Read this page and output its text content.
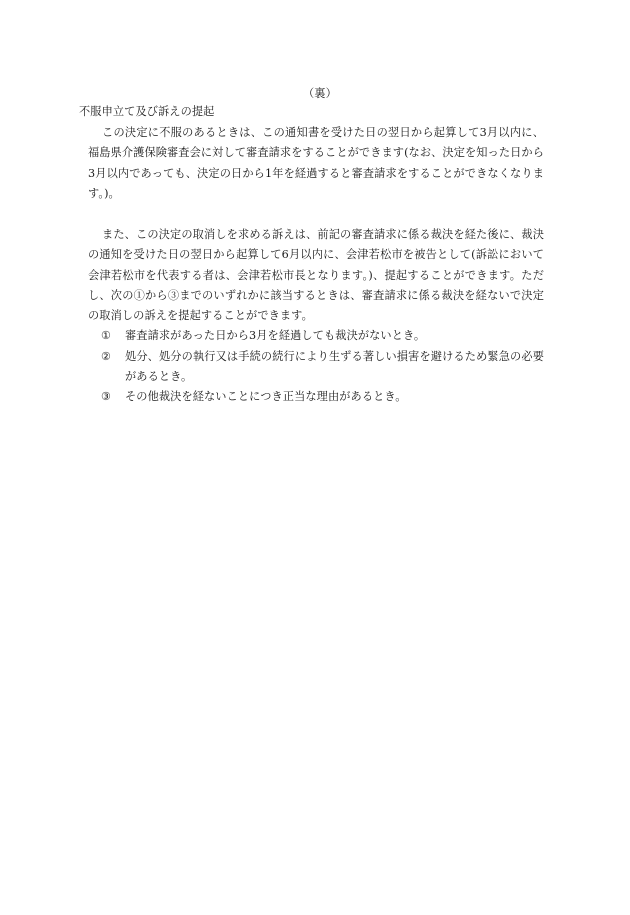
（裏）
不服申立て及び訴えの提起

この決定に不服のあるときは、この通知書を受けた日の翌日から起算して3月以内に、福島県介護保険審査会に対して審査請求をすることができます(なお、決定を知った日から3月以内であっても、決定の日から1年を経過すると審査請求をすることができなくなります。)。

また、この決定の取消しを求める訴えは、前記の審査請求に係る裁決を経た後に、裁決の通知を受けた日の翌日から起算して6月以内に、会津若松市を被告として(訴訟において会津若松市を代表する者は、会津若松市長となります。)、提起することができます。ただし、次の①から③までのいずれかに該当するときは、審査請求に係る裁決を経ないで決定の取消しの訴えを提起することができます。

①	審査請求があった日から3月を経過しても裁決がないとき。
②	処分、処分の執行又は手続の続行により生ずる著しい損害を避けるため緊急の必要があるとき。
③	その他裁決を経ないことにつき正当な理由があるとき。
